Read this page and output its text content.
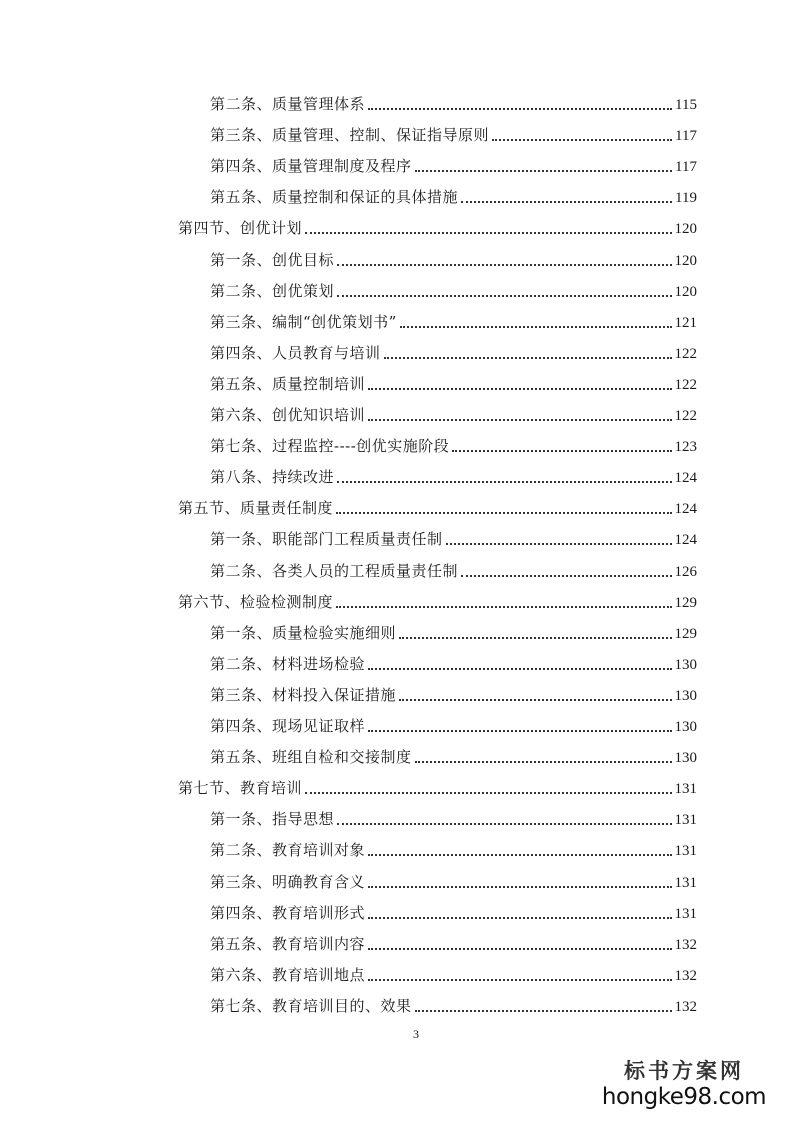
第二条、质量管理体系	115
第三条、质量管理、控制、保证指导原则	117
第四条、质量管理制度及程序	117
第五条、质量控制和保证的具体措施	119
第四节、创优计划	120
第一条、创优目标	120
第二条、创优策划	120
第三条、编制“创优策划书”	121
第四条、人员教育与培训	122
第五条、质量控制培训	122
第六条、创优知识培训	122
第七条、过程监控----创优实施阶段	123
第八条、持续改进	124
第五节、质量责任制度	124
第一条、职能部门工程质量责任制	124
第二条、各类人员的工程质量责任制	126
第六节、检验检测制度	129
第一条、质量检验实施细则	129
第二条、材料进场检验	130
第三条、材料投入保证措施	130
第四条、现场见证取样	130
第五条、班组自检和交接制度	130
第七节、教育培训	131
第一条、指导思想	131
第二条、教育培训对象	131
第三条、明确教育含义	131
第四条、教育培训形式	131
第五条、教育培训内容	132
第六条、教育培训地点	132
第七条、教育培训目的、效果	132
3
标书方案网
hongke98.com
